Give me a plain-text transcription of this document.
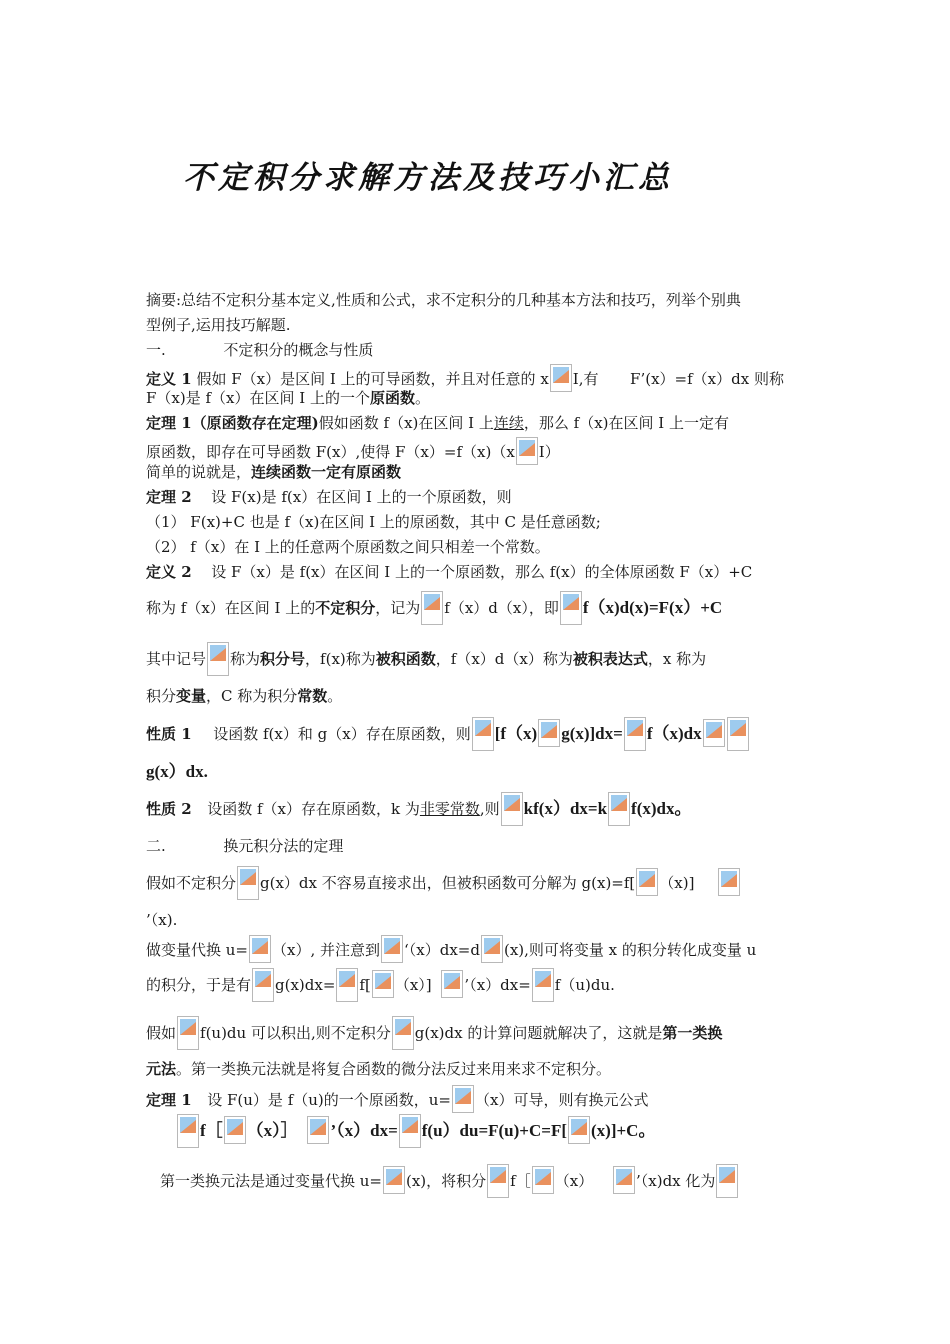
不定积分求解方法及技巧小汇总
摘要:总结不定积分基本定义,性质和公式，求不定积分的几种基本方法和技巧，列举个别典
型例子,运用技巧解题.
一.	不定积分的概念与性质
定义 1 假如 F（x）是区间 I 上的可导函数，并且对任意的 x I,有 F’(x）=f（x）dx 则称
F（x)是 f（x）在区间 I 上的一个原函数。
定理 1（原函数存在定理)假如函数 f（x)在区间 I 上连续，那么 f（x)在区间 I 上一定有
原函数，即存在可导函数 F(x）,使得 F（x）=f（x)（x I）
简单的说就是，连续函数一定有原函数
定理 2 设 F(x)是 f(x）在区间 I 上的一个原函数，则
（1） F(x)+C 也是 f（x)在区间 I 上的原函数，其中 C 是任意函数;
（2） f（x）在 I 上的任意两个原函数之间只相差一个常数。
定义 2 设 F（x）是 f(x）在区间 I 上的一个原函数，那么 f(x）的全体原函数 F（x）+C
称为 f（x）在区间 I 上的不定积分，记为 f（x）d（x），即 f（x)d(x)=F(x）+C
其中记号 称为积分号，f(x)称为被积函数，f（x）d（x）称为被积表达式，x 称为
积分变量，C 称为积分常数。
性质 1 设函数 f(x）和 g（x）存在原函数，则 [f（x) g(x)]dx= f（x)dx
g(x）dx.
性质 2 设函数 f（x）存在原函数，k 为非零常数,则 kf(x）dx=k f(x)dx。
二.	换元积分法的定理
假如不定积分 g(x）dx 不容易直接求出，但被积函数可分解为 g(x)=f[ （x)]
’（x).
做变量代换 u= （x）, 并注意到 ‘（x）dx=d (x),则可将变量 x 的积分转化成变量 u
的积分，于是有 g(x)dx= f[ （x）] ’（x）dx= f（u)du.
假如 f(u)du 可以积出,则不定积分 g(x)dx 的计算问题就解决了，这就是第一类换
元法。第一类换元法就是将复合函数的微分法反过来用来求不定积分。
定理 1 设 F(u）是 f（u)的一个原函数，u= （x）可导，则有换元公式
f［ （x）］ ’（x）dx= f(u）du=F(u)+C=F[ (x)]+C。
第一类换元法是通过变量代换 u= (x)，将积分 f［ （x）	’（x)dx 化为
